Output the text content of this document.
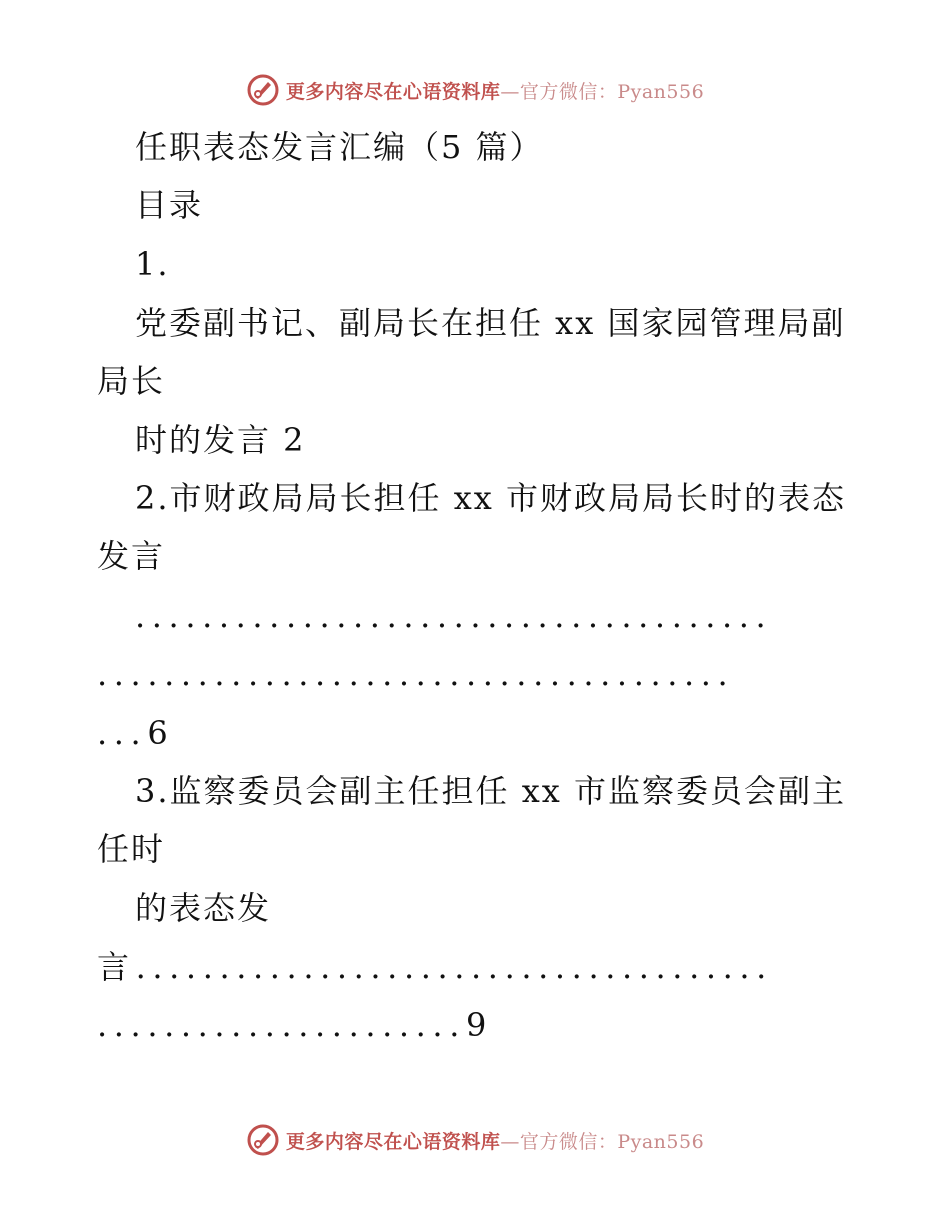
更多内容尽在心语资料库—官方微信：Pyan556
任职表态发言汇编（5 篇）
目录
1.
党委副书记、副局长在担任 xx 国家园管理局副
局长
时的发言 2
2.市财政局局长担任 xx 市财政局局长时的表态
发言
......................................
......................................
...6
3.监察委员会副主任担任 xx 市监察委员会副主
任时
的表态发
言......................................
......................9
更多内容尽在心语资料库—官方微信：Pyan556
